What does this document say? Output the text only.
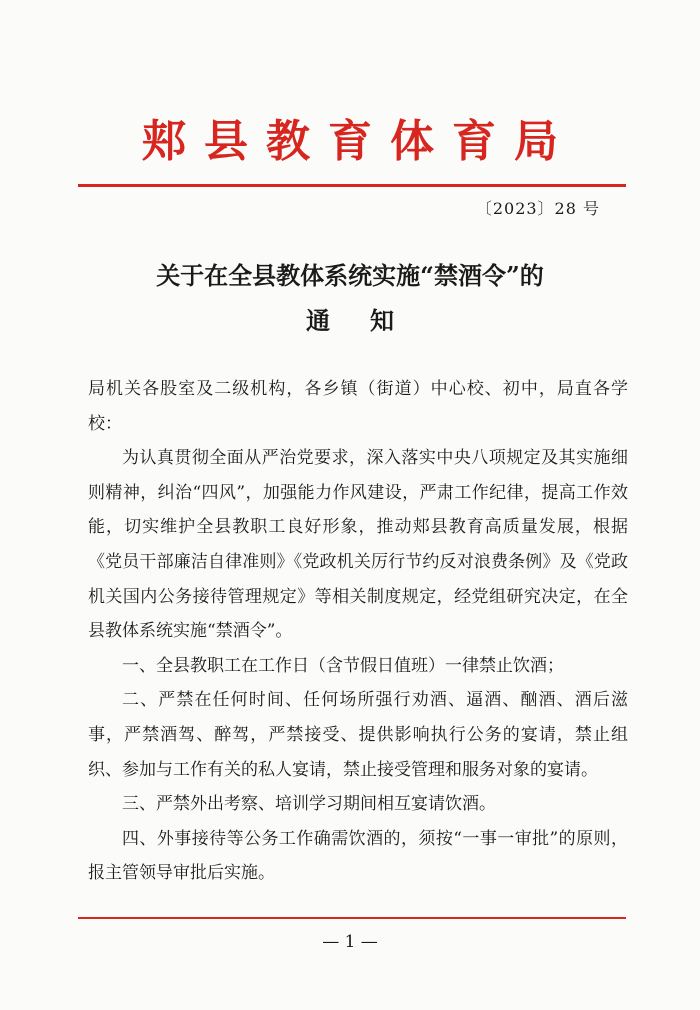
郏县教育体育局
〔2023〕28 号
关于在全县教体系统实施“禁酒令”的
通知

局机关各股室及二级机构，各乡镇（街道）中心校、初中，局直各学校：

为认真贯彻全面从严治党要求，深入落实中央八项规定及其实施细则精神，纠治“四风”，加强能力作风建设，严肃工作纪律，提高工作效能，切实维护全县教职工良好形象，推动郏县教育高质量发展，根据《党员干部廉洁自律准则》《党政机关厉行节约反对浪费条例》及《党政机关国内公务接待管理规定》等相关制度规定，经党组研究决定，在全县教体系统实施“禁酒令”。

一、全县教职工在工作日（含节假日值班）一律禁止饮酒；

二、严禁在任何时间、任何场所强行劝酒、逼酒、酗酒、酒后滋事，严禁酒驾、醉驾，严禁接受、提供影响执行公务的宴请，禁止组织、参加与工作有关的私人宴请，禁止接受管理和服务对象的宴请。

三、严禁外出考察、培训学习期间相互宴请饮酒。

四、外事接待等公务工作确需饮酒的，须按“一事一审批”的原则，报主管领导审批后实施。

— 1 —
